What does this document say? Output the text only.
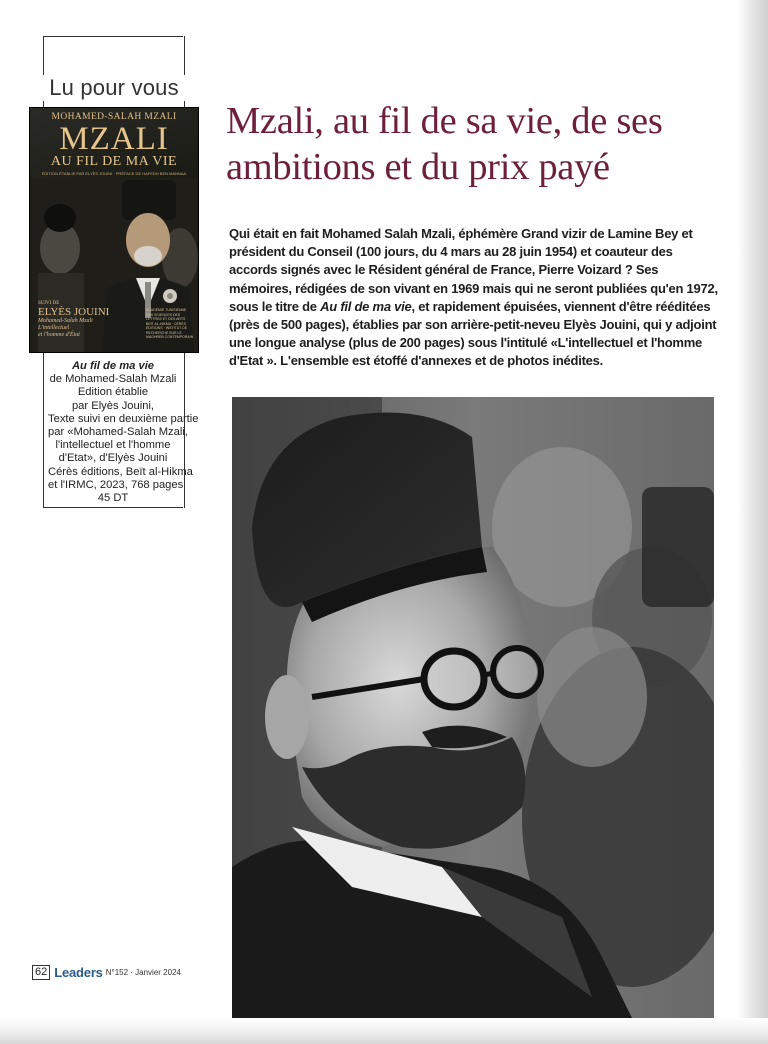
Lu pour vous
MOHAMED-SALAH MZALI
MZALI
AU FIL DE MA VIE
ÉDITION ÉTABLIE PAR ELYÈS JOUINI · PRÉFACE DE HAFEDH BEN MANNAA
SUIVI DE
ELYÈS JOUINI
Mohamed-Salah Mzali
L'intellectuel
et l'homme d'État
ACADÉMIE TUNISIENNE DES SCIENCES DES LETTRES ET DES ARTS BEÏT AL-HIKMA · CÉRÈS ÉDITIONS · INSTITUT DE RECHERCHE SUR LE MAGHREB CONTEMPORAIN
Au fil de ma vie
de Mohamed-Salah Mzali
Edition établie
par Elyès Jouini,
Texte suivi en deuxième partie
par «Mohamed-Salah Mzali,
l'intellectuel et l'homme
d'Etat», d'Elyès Jouini
Cérès éditions, Beït al-Hikma
et l'IRMC, 2023, 768 pages
45 DT
Mzali, au fil de sa vie, de ses
ambitions et du prix payé
Qui était en fait Mohamed Salah Mzali, éphémère Grand vizir de Lamine Bey et
président du Conseil (100 jours, du 4 mars au 28 juin 1954) et coauteur des
accords signés avec le Résident général de France, Pierre Voizard ? Ses
mémoires, rédigées de son vivant en 1969 mais qui ne seront publiées qu'en 1972,
sous le titre de Au fil de ma vie, et rapidement épuisées, viennent d'être rééditées
(près de 500 pages), établies par son arrière-petit-neveu Elyès Jouini, qui y adjoint
une longue analyse (plus de 200 pages) sous l'intitulé «L'intellectuel et l'homme
d'Etat ». L'ensemble est étoffé d'annexes et de photos inédites.
62 Leaders N°152 · Janvier 2024
